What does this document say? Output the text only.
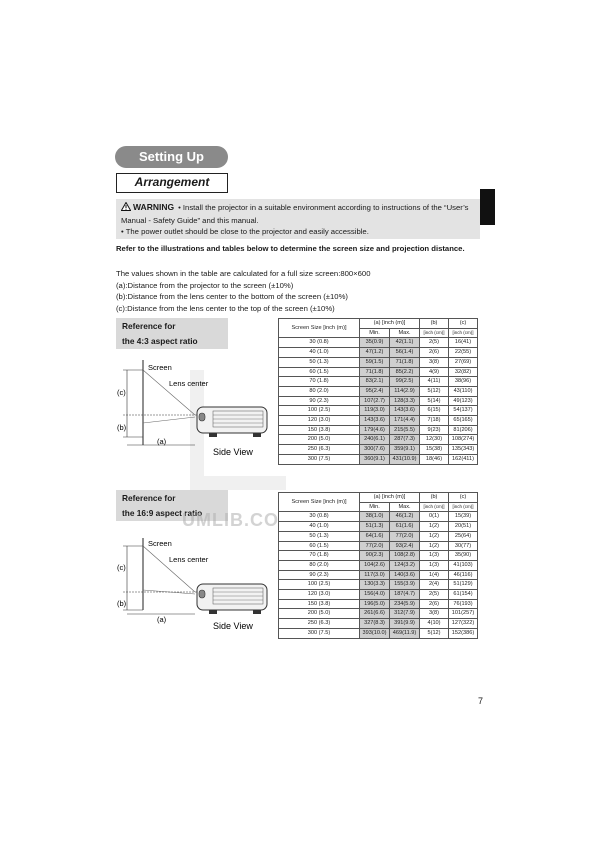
Setting Up
Arrangement
WARNING • Install the projector in a suitable environment according to instructions of the “User’s Manual - Safety Guide” and this manual.
• The power outlet should be close to the projector and easily accessible.
Refer to the illustrations and tables below to determine the screen size and projection distance.
The values shown in the table are calculated for a full size screen:800×600
(a):Distance from the projector to the screen (±10%)
(b):Distance from the lens center to the bottom of the screen (±10%)
(c):Distance from the lens center to the top of the screen (±10%)
Reference for
the 4:3 aspect ratio
Screen
Lens center
(c)
(b)
(a)
Side View
Screen Size [inch (m)]	(a) [inch (m)]		(b)	(c)
	Min.	Max.	[inch (cm)]	[inch (cm)]
30 (0.8)	35(0.9)	42(1.1)	2(5)	16(41)
40 (1.0)	47(1.2)	56(1.4)	2(6)	22(55)
50 (1.3)	59(1.5)	71(1.8)	3(8)	27(69)
60 (1.5)	71(1.8)	85(2.2)	4(9)	32(82)
70 (1.8)	83(2.1)	99(2.5)	4(11)	38(96)
80 (2.0)	95(2.4)	114(2.9)	5(12)	43(110)
90 (2.3)	107(2.7)	128(3.3)	5(14)	49(123)
100 (2.5)	119(3.0)	143(3.6)	6(15)	54(137)
120 (3.0)	143(3.6)	171(4.4)	7(18)	65(165)
150 (3.8)	179(4.6)	215(5.5)	9(23)	81(206)
200 (5.0)	240(6.1)	287(7.3)	12(30)	108(274)
250 (6.3)	300(7.6)	359(9.1)	15(38)	135(343)
300 (7.5)	360(9.1)	431(10.9)	18(46)	162(411)
Reference for
the 16:9 aspect ratio
Screen
Lens center
(c)
(b)
(a)
Side View
Screen Size [inch (m)]	(a) [inch (m)]		(b)	(c)
	Min.	Max.	[inch (cm)]	[inch (cm)]
30 (0.8)	38(1.0)	46(1.2)	0(1)	15(39)
40 (1.0)	51(1.3)	61(1.6)	1(2)	20(51)
50 (1.3)	64(1.6)	77(2.0)	1(2)	25(64)
60 (1.5)	77(2.0)	93(2.4)	1(2)	30(77)
70 (1.8)	90(2.3)	108(2.8)	1(3)	35(90)
80 (2.0)	104(2.6)	124(3.2)	1(3)	41(103)
90 (2.3)	117(3.0)	140(3.6)	1(4)	46(116)
100 (2.5)	130(3.3)	155(3.9)	2(4)	51(129)
120 (3.0)	156(4.0)	187(4.7)	2(5)	61(154)
150 (3.8)	196(5.0)	234(5.9)	2(6)	76(193)
200 (5.0)	261(6.6)	312(7.9)	3(8)	101(257)
250 (6.3)	327(8.3)	391(9.9)	4(10)	127(322)
300 (7.5)	393(10.0)	469(11.9)	5(12)	152(386)
UMLIB.CO
7
